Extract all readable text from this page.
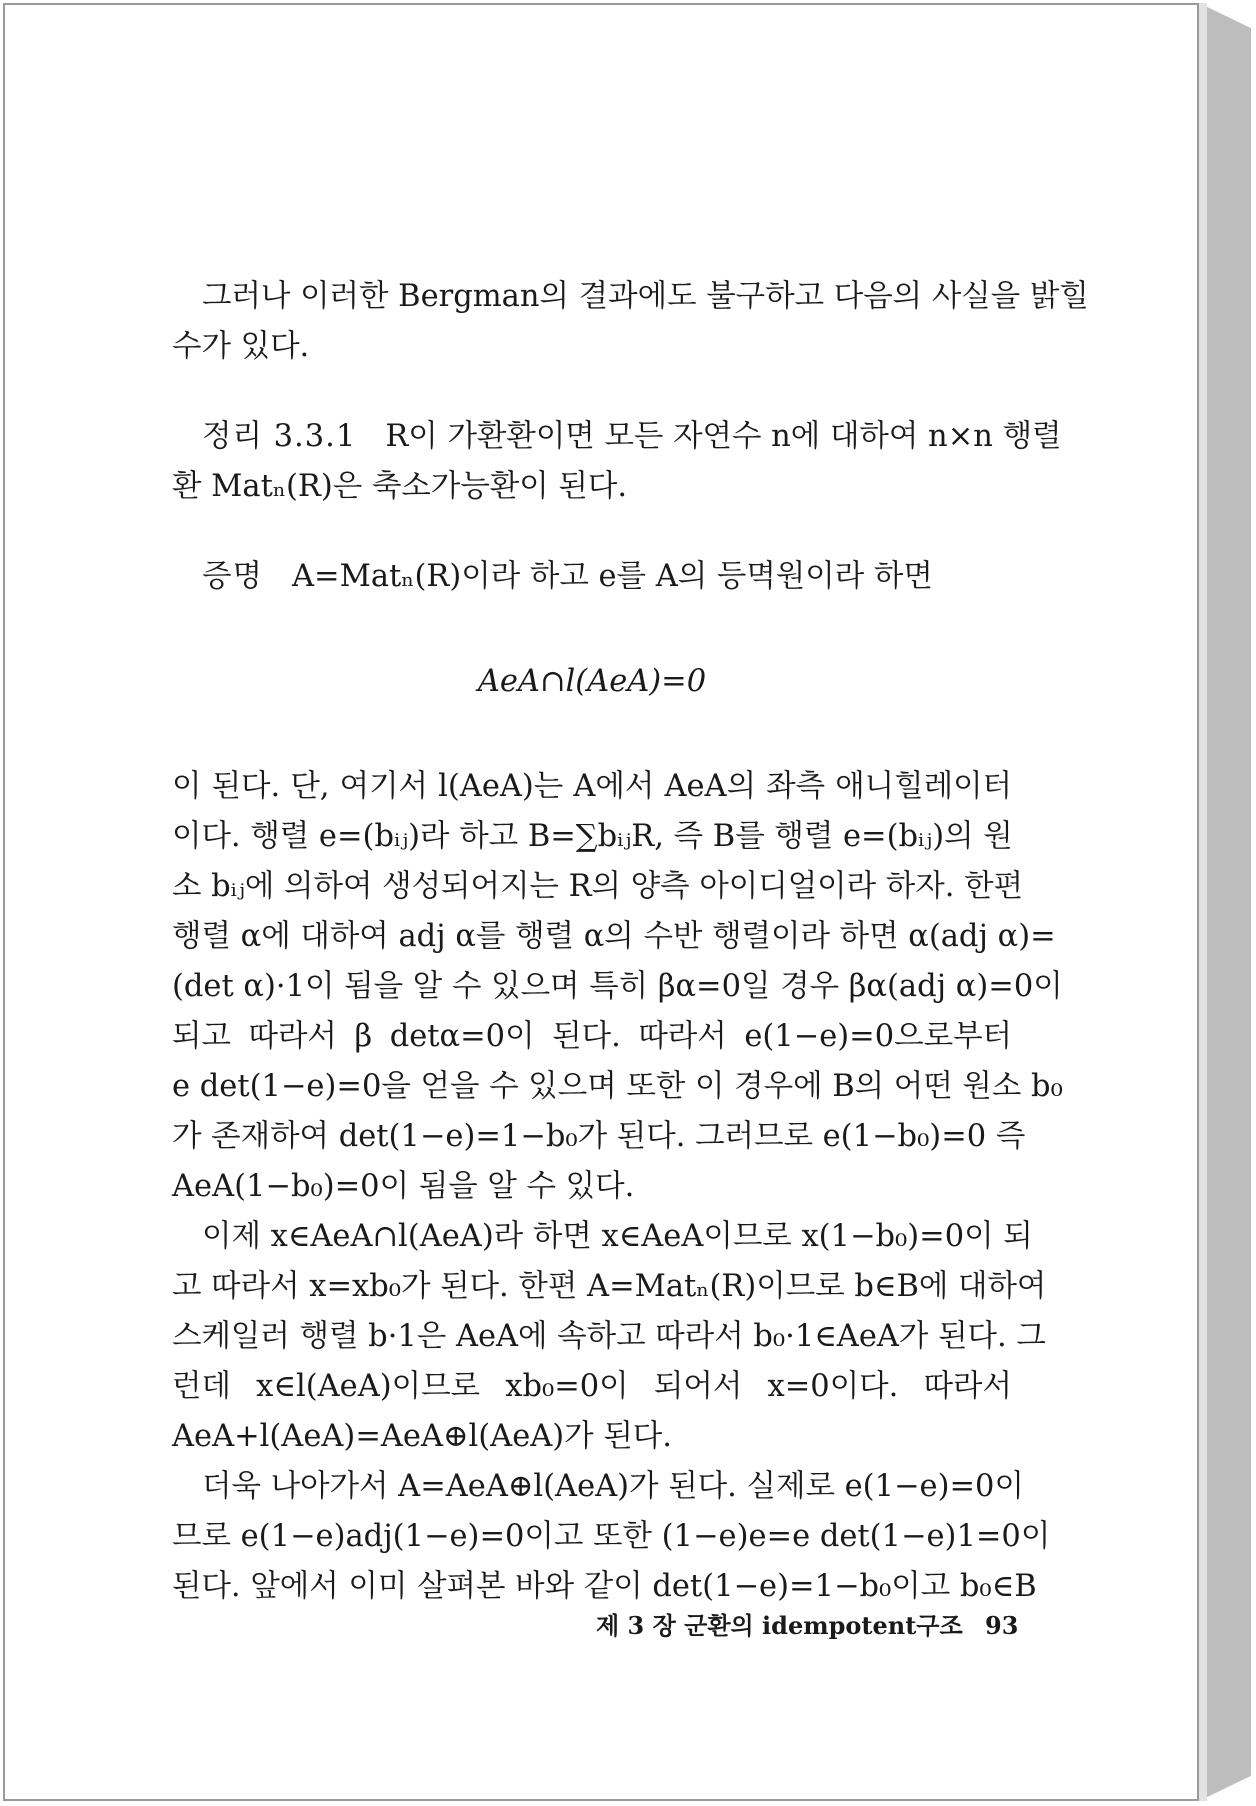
그러나 이러한 Bergman의 결과에도 불구하고 다음의 사실을 밝힐
수가 있다.
정리 3.3.1 R이 가환환이면 모든 자연수 n에 대하여 n×n 행렬
환 Matₙ(R)은 축소가능환이 된다.
증명 A=Matₙ(R)이라 하고 e를 A의 등멱원이라 하면
AeA∩l(AeA)=0
이 된다. 단, 여기서 l(AeA)는 A에서 AeA의 좌측 애니힐레이터
이다. 행렬 e=(bᵢⱼ)라 하고 B=∑bᵢⱼR, 즉 B를 행렬 e=(bᵢⱼ)의 원
소 bᵢⱼ에 의하여 생성되어지는 R의 양측 아이디얼이라 하자. 한편
행렬 α에 대하여 adj α를 행렬 α의 수반 행렬이라 하면 α(adj α)=
(det α)·1이 됨을 알 수 있으며 특히 βα=0일 경우 βα(adj α)=0이
되고 따라서 β detα=0이 된다. 따라서 e(1−e)=0으로부터
e det(1−e)=0을 얻을 수 있으며 또한 이 경우에 B의 어떤 원소 b₀
가 존재하여 det(1−e)=1−b₀가 된다. 그러므로 e(1−b₀)=0 즉
AeA(1−b₀)=0이 됨을 알 수 있다.
이제 x∈AeA∩l(AeA)라 하면 x∈AeA이므로 x(1−b₀)=0이 되
고 따라서 x=xb₀가 된다. 한편 A=Matₙ(R)이므로 b∈B에 대하여
스케일러 행렬 b·1은 AeA에 속하고 따라서 b₀·1∈AeA가 된다. 그
런데 x∈l(AeA)이므로 xb₀=0이 되어서 x=0이다. 따라서
AeA+l(AeA)=AeA⊕l(AeA)가 된다.
더욱 나아가서 A=AeA⊕l(AeA)가 된다. 실제로 e(1−e)=0이
므로 e(1−e)adj(1−e)=0이고 또한 (1−e)e=e det(1−e)1=0이
된다. 앞에서 이미 살펴본 바와 같이 det(1−e)=1−b₀이고 b₀∈B
제 3 장 군환의 idempotent구조 93
